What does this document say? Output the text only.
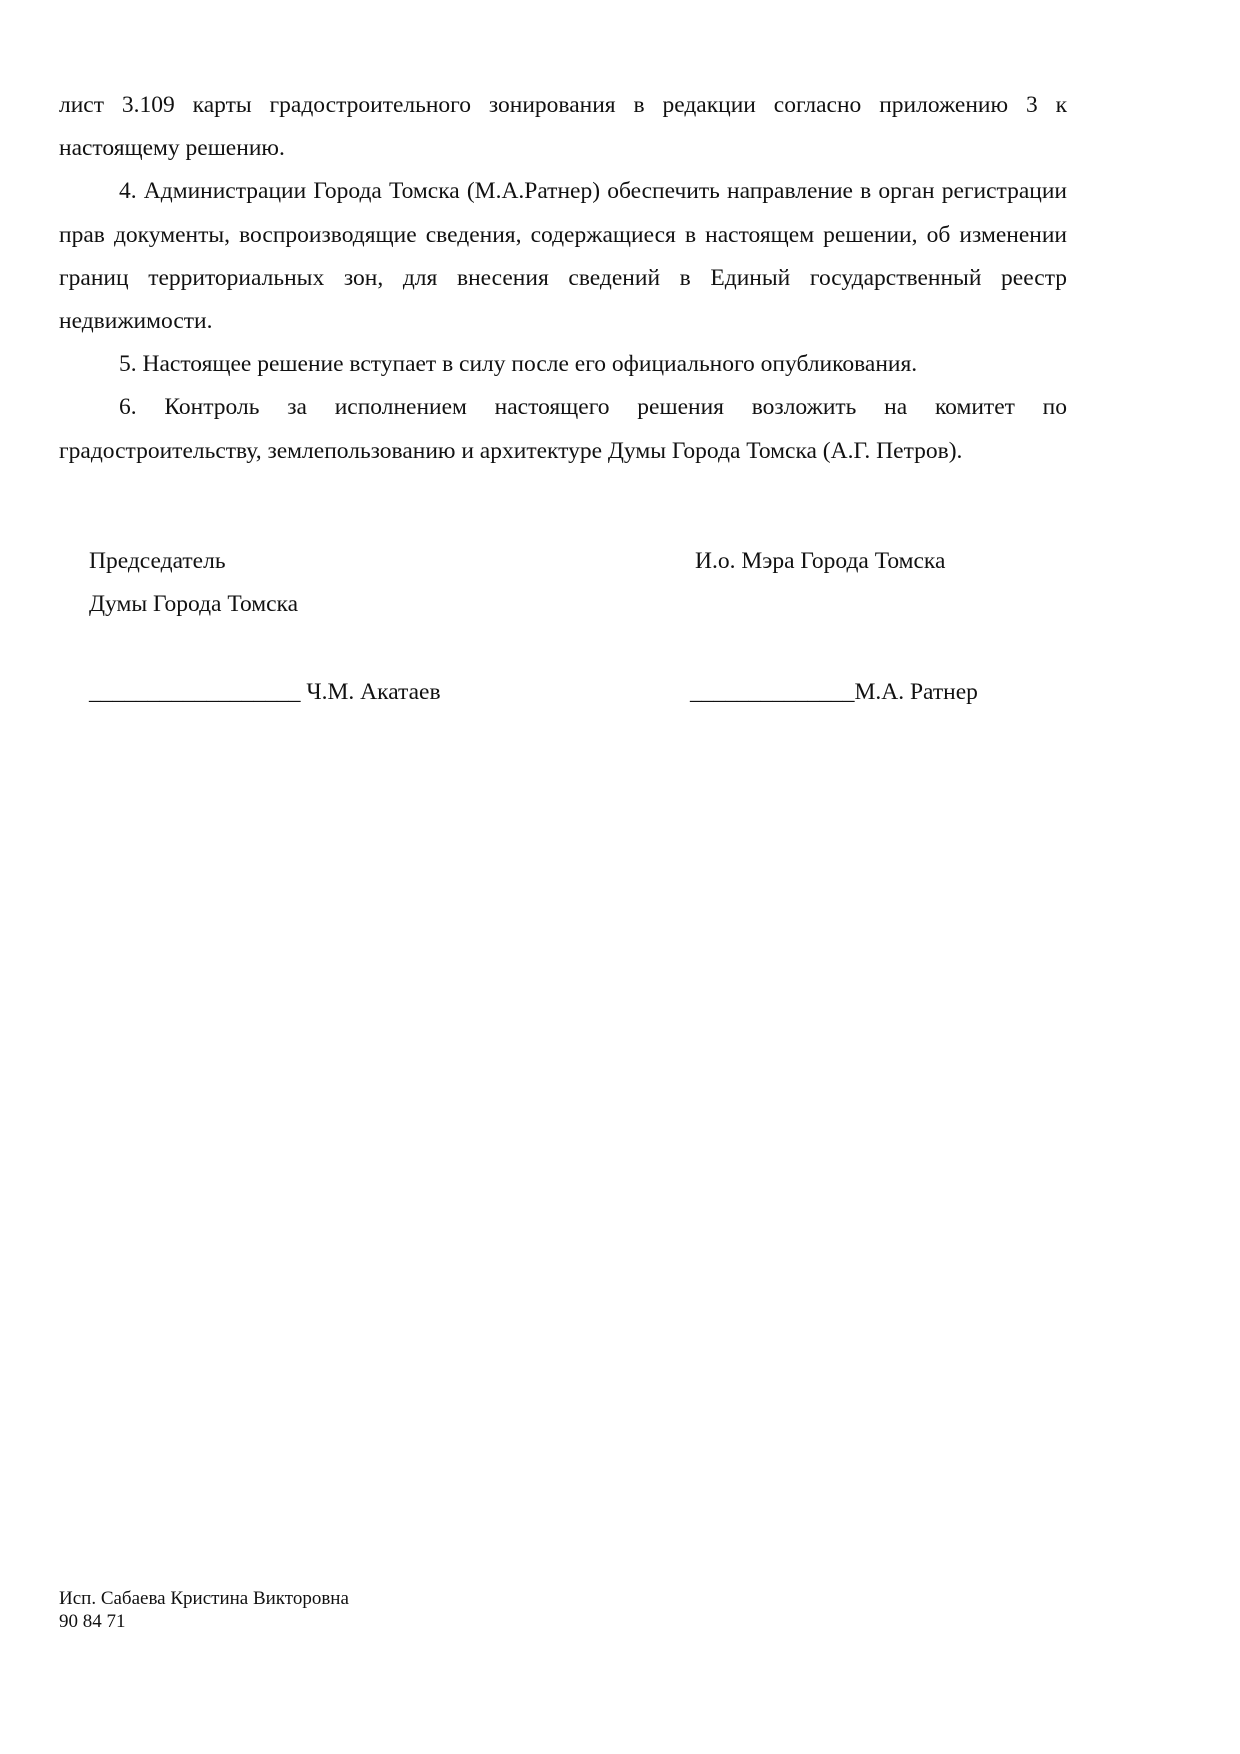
лист 3.109 карты градостроительного зонирования в редакции согласно приложению 3 к настоящему решению.

4. Администрации Города Томска (М.А.Ратнер) обеспечить направление в орган регистрации прав документы, воспроизводящие сведения, содержащиеся в настоящем решении, об изменении границ территориальных зон, для внесения сведений в Единый государственный реестр недвижимости.

5. Настоящее решение вступает в силу после его официального опубликования.

6. Контроль за исполнением настоящего решения возложить на комитет по градостроительству, землепользованию и архитектуре Думы Города Томска (А.Г. Петров).

Председатель
Думы Города Томска
И.о. Мэра Города Томска
__________________ Ч.М. Акатаев	______________М.А. Ратнер
Исп. Сабаева Кристина Викторовна
90 84 71
